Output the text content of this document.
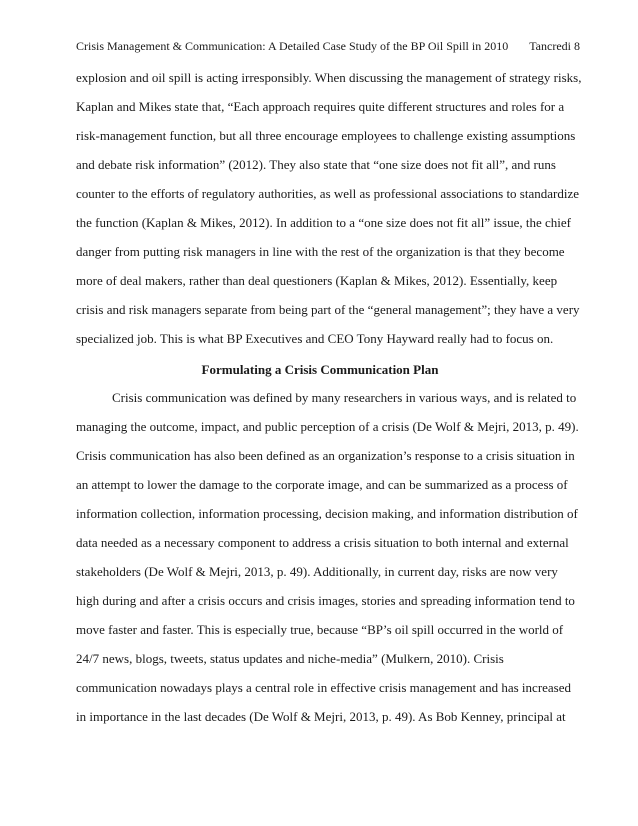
Crisis Management & Communication: A Detailed Case Study of the BP Oil Spill in 2010 Tancredi 8
explosion and oil spill is acting irresponsibly. When discussing the management of strategy risks,
Kaplan and Mikes state that, “Each approach requires quite different structures and roles for a
risk-management function, but all three encourage employees to challenge existing assumptions
and debate risk information” (2012). They also state that “one size does not fit all”, and runs
counter to the efforts of regulatory authorities, as well as professional associations to standardize
the function (Kaplan & Mikes, 2012). In addition to a “one size does not fit all” issue, the chief
danger from putting risk managers in line with the rest of the organization is that they become
more of deal makers, rather than deal questioners (Kaplan & Mikes, 2012). Essentially, keep
crisis and risk managers separate from being part of the “general management”; they have a very
specialized job. This is what BP Executives and CEO Tony Hayward really had to focus on.
Formulating a Crisis Communication Plan
Crisis communication was defined by many researchers in various ways, and is related to
managing the outcome, impact, and public perception of a crisis (De Wolf & Mejri, 2013, p. 49).
Crisis communication has also been defined as an organization’s response to a crisis situation in
an attempt to lower the damage to the corporate image, and can be summarized as a process of
information collection, information processing, decision making, and information distribution of
data needed as a necessary component to address a crisis situation to both internal and external
stakeholders (De Wolf & Mejri, 2013, p. 49). Additionally, in current day, risks are now very
high during and after a crisis occurs and crisis images, stories and spreading information tend to
move faster and faster. This is especially true, because “BP’s oil spill occurred in the world of
24/7 news, blogs, tweets, status updates and niche-media” (Mulkern, 2010). Crisis
communication nowadays plays a central role in effective crisis management and has increased
in importance in the last decades (De Wolf & Mejri, 2013, p. 49). As Bob Kenney, principal at
